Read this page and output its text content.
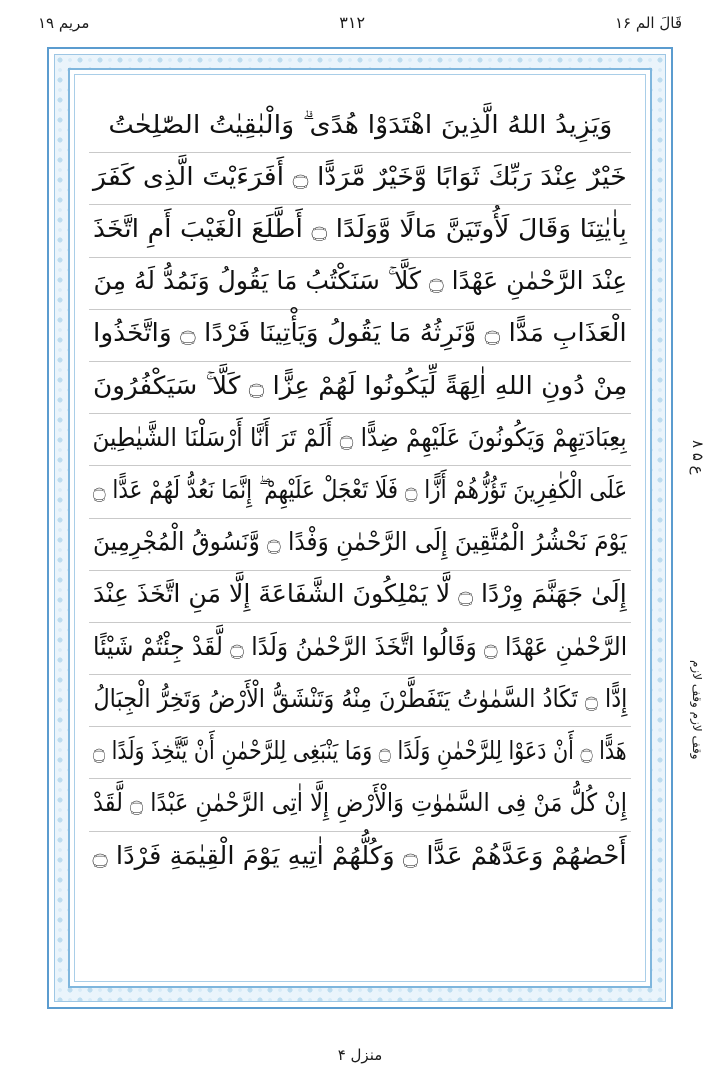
قَالَ الم ۱۶
۳۱۲
مريم ۱۹
وَيَزِيدُ اللهُ الَّذِينَ اهْتَدَوْا هُدًى ۗ وَالْبٰقِيٰتُ الصّٰلِحٰتُ
خَيْرٌ عِنْدَ رَبِّكَ ثَوَابًا وَّخَيْرٌ مَّرَدًّا ۝ أَفَرَءَيْتَ الَّذِى كَفَرَ
بِاٰيٰتِنَا وَقَالَ لَأُوتَيَنَّ مَالًا وَّوَلَدًا ۝ أَطَّلَعَ الْغَيْبَ أَمِ اتَّخَذَ
عِنْدَ الرَّحْمٰنِ عَهْدًا ۝ كَلَّا ۚ سَنَكْتُبُ مَا يَقُولُ وَنَمُدُّ لَهُ مِنَ
الْعَذَابِ مَدًّا ۝ وَّنَرِثُهُ مَا يَقُولُ وَيَأْتِينَا فَرْدًا ۝ وَاتَّخَذُوا
مِنْ دُونِ اللهِ اٰلِهَةً لِّيَكُونُوا لَهُمْ عِزًّا ۝ كَلَّا ۚ سَيَكْفُرُونَ
بِعِبَادَتِهِمْ وَيَكُونُونَ عَلَيْهِمْ ضِدًّا ۝ أَلَمْ تَرَ أَنَّا أَرْسَلْنَا الشَّيٰطِينَ
عَلَى الْكٰفِرِينَ تَؤُزُّهُمْ أَزًّا ۝ فَلَا تَعْجَلْ عَلَيْهِمْ ۖ إِنَّمَا نَعُدُّ لَهُمْ عَدًّا ۝
يَوْمَ نَحْشُرُ الْمُتَّقِينَ إِلَى الرَّحْمٰنِ وَفْدًا ۝ وَّنَسُوقُ الْمُجْرِمِينَ
إِلَىٰ جَهَنَّمَ وِرْدًا ۝ لَّا يَمْلِكُونَ الشَّفَاعَةَ إِلَّا مَنِ اتَّخَذَ عِنْدَ
الرَّحْمٰنِ عَهْدًا ۝ وَقَالُوا اتَّخَذَ الرَّحْمٰنُ وَلَدًا ۝ لَّقَدْ جِئْتُمْ شَيْئًا
إِدًّا ۝ تَكَادُ السَّمٰوٰتُ يَتَفَطَّرْنَ مِنْهُ وَتَنْشَقُّ الْأَرْضُ وَتَخِرُّ الْجِبَالُ
هَدًّا ۝ أَنْ دَعَوْا لِلرَّحْمٰنِ وَلَدًا ۝ وَمَا يَنْبَغِى لِلرَّحْمٰنِ أَنْ يَّتَّخِذَ وَلَدًا ۝
إِنْ كُلُّ مَنْ فِى السَّمٰوٰتِ وَالْأَرْضِ إِلَّا اٰتِى الرَّحْمٰنِ عَبْدًا ۝ لَّقَدْ
أَحْصٰهُمْ وَعَدَّهُمْ عَدًّا ۝ وَكُلُّهُمْ اٰتِيهِ يَوْمَ الْقِيٰمَةِ فَرْدًا ۝
ع ۵ ۸
وقف لازم وقف لازم
منزل ۴
